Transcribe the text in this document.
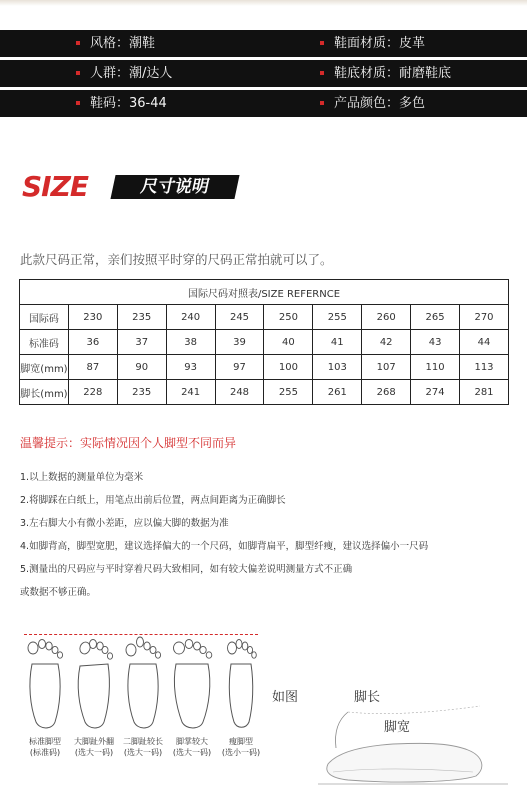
风格：潮鞋	鞋面材质：皮革
人群：潮/达人	鞋底材质：耐磨鞋底
鞋码：36-44	产品颜色：多色
SIZE	尺寸说明
此款尺码正常，亲们按照平时穿的尺码正常拍就可以了。
国际尺码对照表/SIZE REFERNCE									
国际码	230	235	240	245	250	255	260	265	270
标准码	36	37	38	39	40	41	42	43	44
脚宽(mm)	87	90	93	97	100	103	107	110	113
脚长(mm)	228	235	241	248	255	261	268	274	281
温馨提示：实际情况因个人脚型不同而异
1.以上数据的测量单位为毫米
2.将脚踩在白纸上，用笔点出前后位置，两点间距离为正确脚长
3.左右脚大小有微小差距，应以偏大脚的数据为准
4.如脚背高，脚型宽肥，建议选择偏大的一个尺码，如脚背扁平，脚型纤瘦，建议选择偏小一尺码
5.测量出的尺码应与平时穿着尺码大致相同，如有较大偏差说明测量方式不正确
或数据不够正确。
标准脚型
(标准码)
大脚趾外翻
(选大一码)
二脚趾较长
(选大一码)
脚掌较大
(选大一码)
瘦脚型
(选小一码)
如图	脚长
脚宽
